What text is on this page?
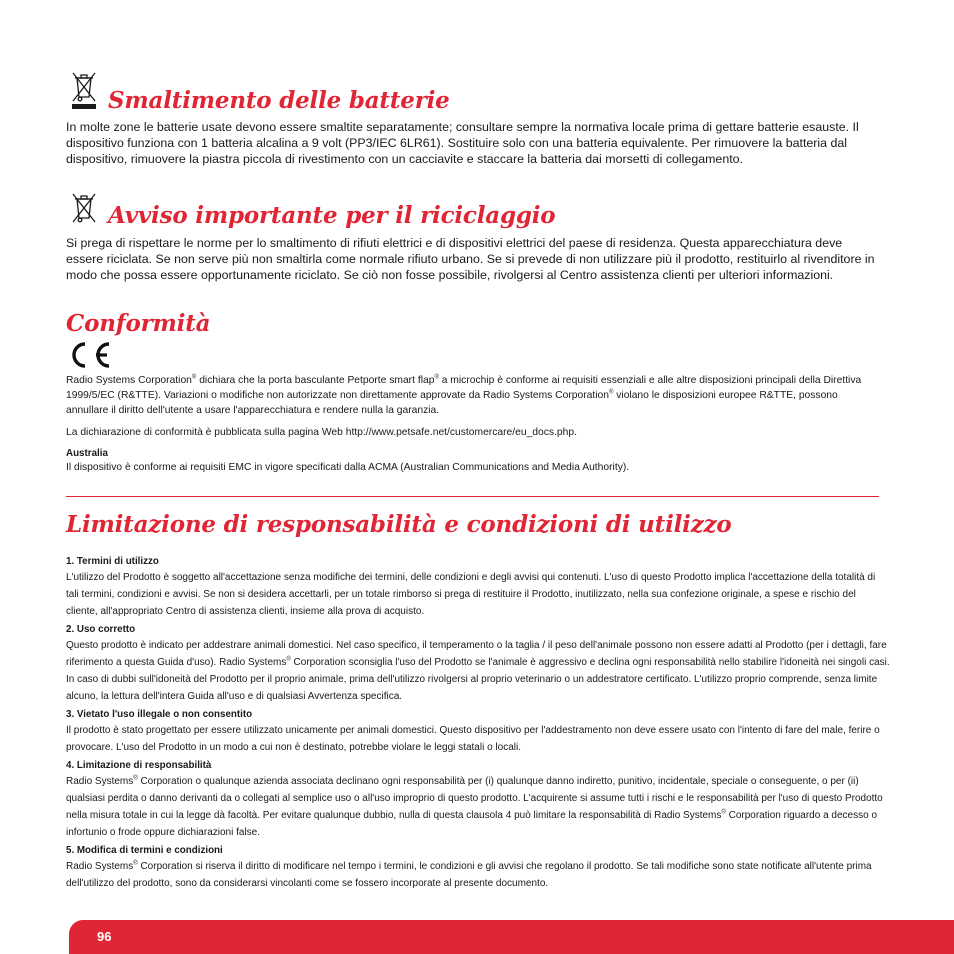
Smaltimento delle batterie

In molte zone le batterie usate devono essere smaltite separatamente; consultare sempre la normativa locale prima di gettare batterie esauste. Il dispositivo funziona con 1 batteria alcalina a 9 volt (PP3/IEC 6LR61). Sostituire solo con una batteria equivalente. Per rimuovere la batteria dal dispositivo, rimuovere la piastra piccola di rivestimento con un cacciavite e staccare la batteria dai morsetti di collegamento.

Avviso importante per il riciclaggio

Si prega di rispettare le norme per lo smaltimento di rifiuti elettrici e di dispositivi elettrici del paese di residenza. Questa apparecchiatura deve essere riciclata. Se non serve più non smaltirla come normale rifiuto urbano. Se si prevede di non utilizzare più il prodotto, restituirlo al rivenditore in modo che possa essere opportunamente riciclato. Se ciò non fosse possibile, rivolgersi al Centro assistenza clienti per ulteriori informazioni.

Conformità

Radio Systems Corporation® dichiara che la porta basculante Petporte smart flap® a microchip è conforme ai requisiti essenziali e alle altre disposizioni principali della Direttiva 1999/5/EC (R&TTE). Variazioni o modifiche non autorizzate non direttamente approvate da Radio Systems Corporation® violano le disposizioni europee R&TTE, possono annullare il diritto dell'utente a usare l'apparecchiatura e rendere nulla la garanzia.

La dichiarazione di conformità è pubblicata sulla pagina Web http://www.petsafe.net/customercare/eu_docs.php.

Australia

Il dispositivo è conforme ai requisiti EMC in vigore specificati dalla ACMA (Australian Communications and Media Authority).

Limitazione di responsabilità e condizioni di utilizzo

1. Termini di utilizzo

L'utilizzo del Prodotto è soggetto all'accettazione senza modifiche dei termini, delle condizioni e degli avvisi qui contenuti. L'uso di questo Prodotto implica l'accettazione della totalità di tali termini, condizioni e avvisi. Se non si desidera accettarli, per un totale rimborso si prega di restituire il Prodotto, inutilizzato, nella sua confezione originale, a spese e rischio del cliente, all'appropriato Centro di assistenza clienti, insieme alla prova di acquisto.

2. Uso corretto

Questo prodotto è indicato per addestrare animali domestici. Nel caso specifico, il temperamento o la taglia / il peso dell'animale possono non essere adatti al Prodotto (per i dettagli, fare riferimento a questa Guida d'uso). Radio Systems® Corporation sconsiglia l'uso del Prodotto se l'animale è aggressivo e declina ogni responsabilità nello stabilire l'idoneità nei singoli casi. In caso di dubbi sull'idoneità del Prodotto per il proprio animale, prima dell'utilizzo rivolgersi al proprio veterinario o un addestratore certificato. L'utilizzo proprio comprende, senza limite alcuno, la lettura dell'intera Guida all'uso e di qualsiasi Avvertenza specifica.

3. Vietato l'uso illegale o non consentito

Il prodotto è stato progettato per essere utilizzato unicamente per animali domestici. Questo dispositivo per l'addestramento non deve essere usato con l'intento di fare del male, ferire o provocare. L'uso del Prodotto in un modo a cui non è destinato, potrebbe violare le leggi statali o locali.

4. Limitazione di responsabilità

Radio Systems® Corporation o qualunque azienda associata declinano ogni responsabilità per (i) qualunque danno indiretto, punitivo, incidentale, speciale o conseguente, o per (ii) qualsiasi perdita o danno derivanti da o collegati al semplice uso o all'uso improprio di questo prodotto. L'acquirente si assume tutti i rischi e le responsabilità per l'uso di questo Prodotto nella misura totale in cui la legge dà facoltà. Per evitare qualunque dubbio, nulla di questa clausola 4 può limitare la responsabilità di Radio Systems® Corporation riguardo a decesso o infortunio o frode oppure dichiarazioni false.

5. Modifica di termini e condizioni

Radio Systems® Corporation si riserva il diritto di modificare nel tempo i termini, le condizioni e gli avvisi che regolano il prodotto. Se tali modifiche sono state notificate all'utente prima dell'utilizzo del prodotto, sono da considerarsi vincolanti come se fossero incorporate al presente documento.

96
